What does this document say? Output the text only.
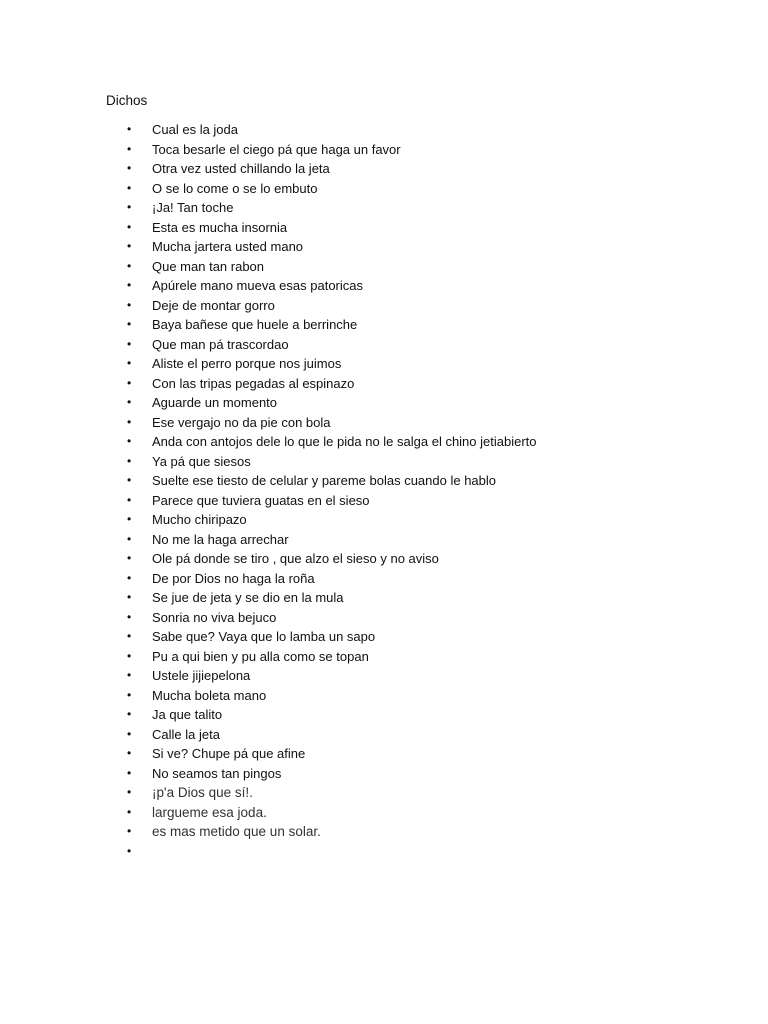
Dichos
•	Cual es la joda
•	Toca besarle el ciego pá que haga un favor
•	Otra vez usted chillando la jeta
•	O se lo come o se lo embuto
•	¡Ja! Tan toche
•	Esta es mucha insornia
•	Mucha jartera usted mano
•	Que man tan rabon
•	Apúrele mano mueva esas patoricas
•	Deje de montar gorro
•	Baya bañese que huele a berrinche
•	Que man pá trascordao
•	Aliste el perro porque nos juimos
•	Con las tripas pegadas al espinazo
•	Aguarde un momento
•	Ese vergajo no da pie con bola
•	Anda con antojos dele lo que le pida no le salga el chino jetiabierto
•	Ya pá que siesos
•	Suelte ese tiesto de celular y pareme bolas cuando le hablo
•	Parece que tuviera guatas en el sieso
•	Mucho chiripazo
•	No me la haga arrechar
•	Ole pá donde se tiro , que alzo el sieso y no aviso
•	De por Dios no haga la roña
•	Se jue de jeta y se dio en la mula
•	Sonria no viva bejuco
•	Sabe que? Vaya que lo lamba un sapo
•	Pu a qui bien y pu alla como se topan
•	Ustele jijiepelona
•	Mucha boleta mano
•	Ja que talito
•	Calle la jeta
•	Si ve? Chupe pá que afine
•	No seamos tan pingos
•	¡p'a Dios que sí!.
•	largueme esa joda.
•	es mas metido que un solar.
•
